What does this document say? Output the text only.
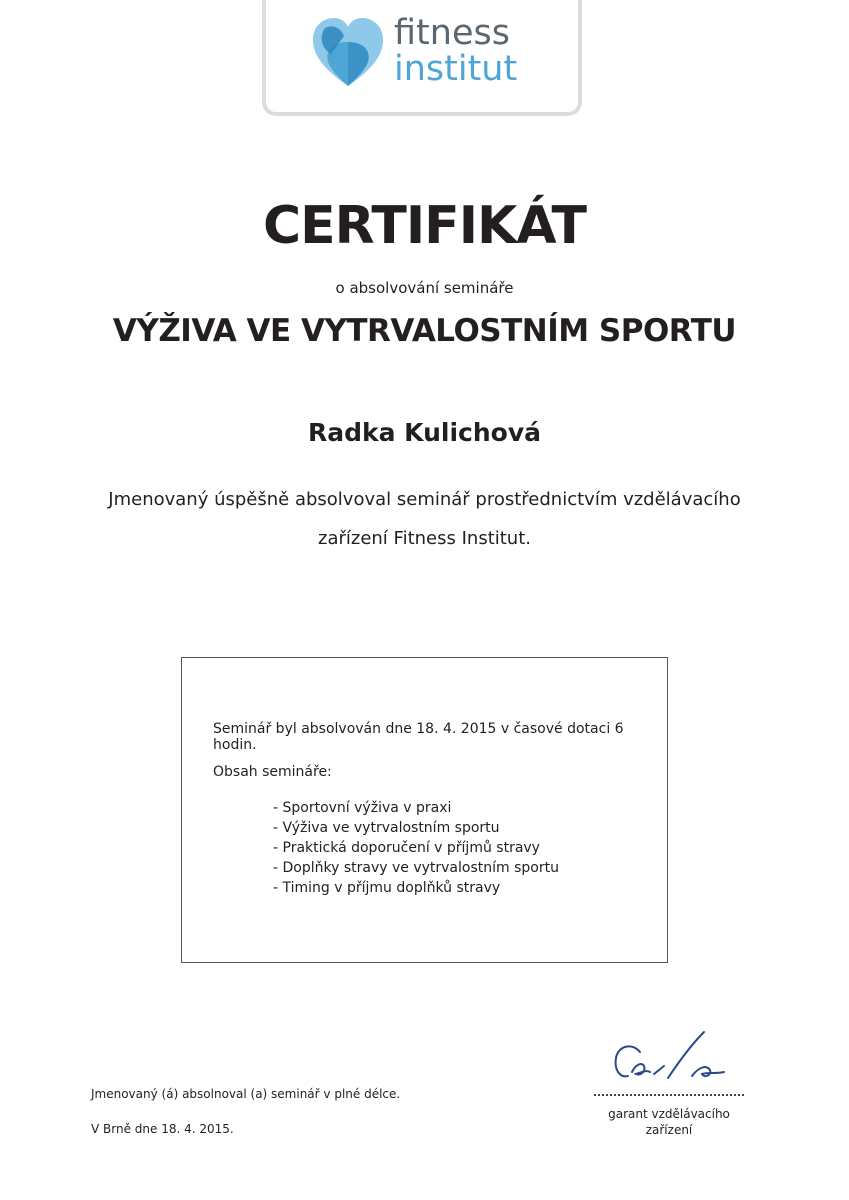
fitness
institut
CERTIFIKÁT
o absolvování semináře
VÝŽIVA VE VYTRVALOSTNÍM SPORTU
Radka Kulichová
Jmenovaný úspěšně absolvoval seminář prostřednictvím vzdělávacího
zařízení Fitness Institut.
Seminář byl absolvován dne 18. 4. 2015 v časové dotaci 6 hodin.
Obsah semináře:
- Sportovní výživa v praxi
- Výživa ve vytrvalostním sportu
- Praktická doporučení v příjmů stravy
- Doplňky stravy ve vytrvalostním sportu
- Timing v příjmu doplňků stravy
Jmenovaný (á) absolnoval (a) seminář v plné délce.
V Brně dne 18. 4. 2015.
garant vzdělávacího
zařízení
